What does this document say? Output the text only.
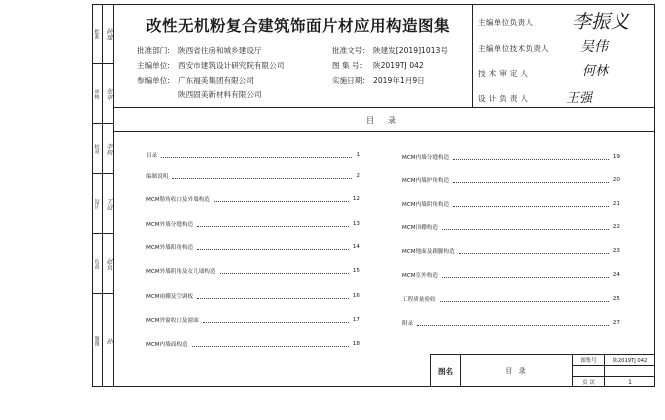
批准 陕建
审核 张审
校对 李校
设计 王设
负责 赵负
制图 孙
改性无机粉复合建筑饰面片材应用构造图集
批准部门: 陕西省住房和城乡建设厅
主编单位: 西安市建筑设计研究院有限公司
参编单位: 广东福美集团有限公司
陕西固美新材料有限公司
批准文号: 陕建发[2019]1013号
图 集 号: 陕2019TJ 042
实施日期: 2019年1月9日
主编单位负责人 李振义
主编单位技术负责人 吴伟
技 术 审 定 人	何林
设 计 负 责 人	王强
目录
目录	1
编制说明	2
MCM勒角收口及外墙构造	12
MCM外墙分缝构造	13
MCM外墙阳角构造	14
MCM外墙阴角及女儿墙构造	15
MCM雨棚及空调板	16
MCM外窗收口及窗面	17
MCM内墙面构造	18
MCM内墙分缝构造	19
MCM内墙护角构造	20
MCM内墙阴角构造	21
MCM顶棚构造	22
MCM地面及踢脚构造	23
MCM室外构造	24
工程质量验收	25
附录	27
图名	目 录
图集号	陕2019TJ 042
页 次	1
